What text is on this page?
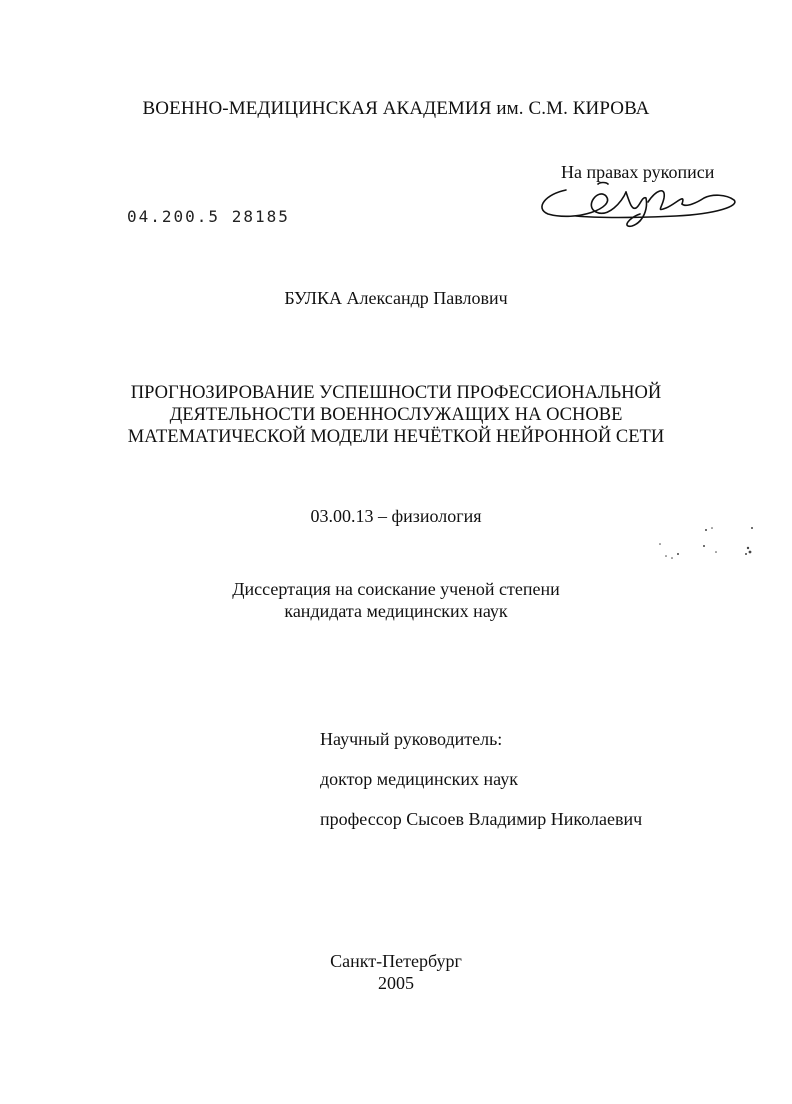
ВОЕННО-МЕДИЦИНСКАЯ АКАДЕМИЯ им. С.М. КИРОВА

На правах рукописи

04.200.5 28185

БУЛКА Александр Павлович

ПРОГНОЗИРОВАНИЕ УСПЕШНОСТИ ПРОФЕССИОНАЛЬНОЙ

ДЕЯТЕЛЬНОСТИ ВОЕННОСЛУЖАЩИХ НА ОСНОВЕ

МАТЕМАТИЧЕСКОЙ МОДЕЛИ НЕЧЁТКОЙ НЕЙРОННОЙ СЕТИ

03.00.13 – физиология

Диссертация на соискание ученой степени

кандидата медицинских наук

Научный руководитель:

доктор медицинских наук

профессор Сысоев Владимир Николаевич

Санкт-Петербург

2005
